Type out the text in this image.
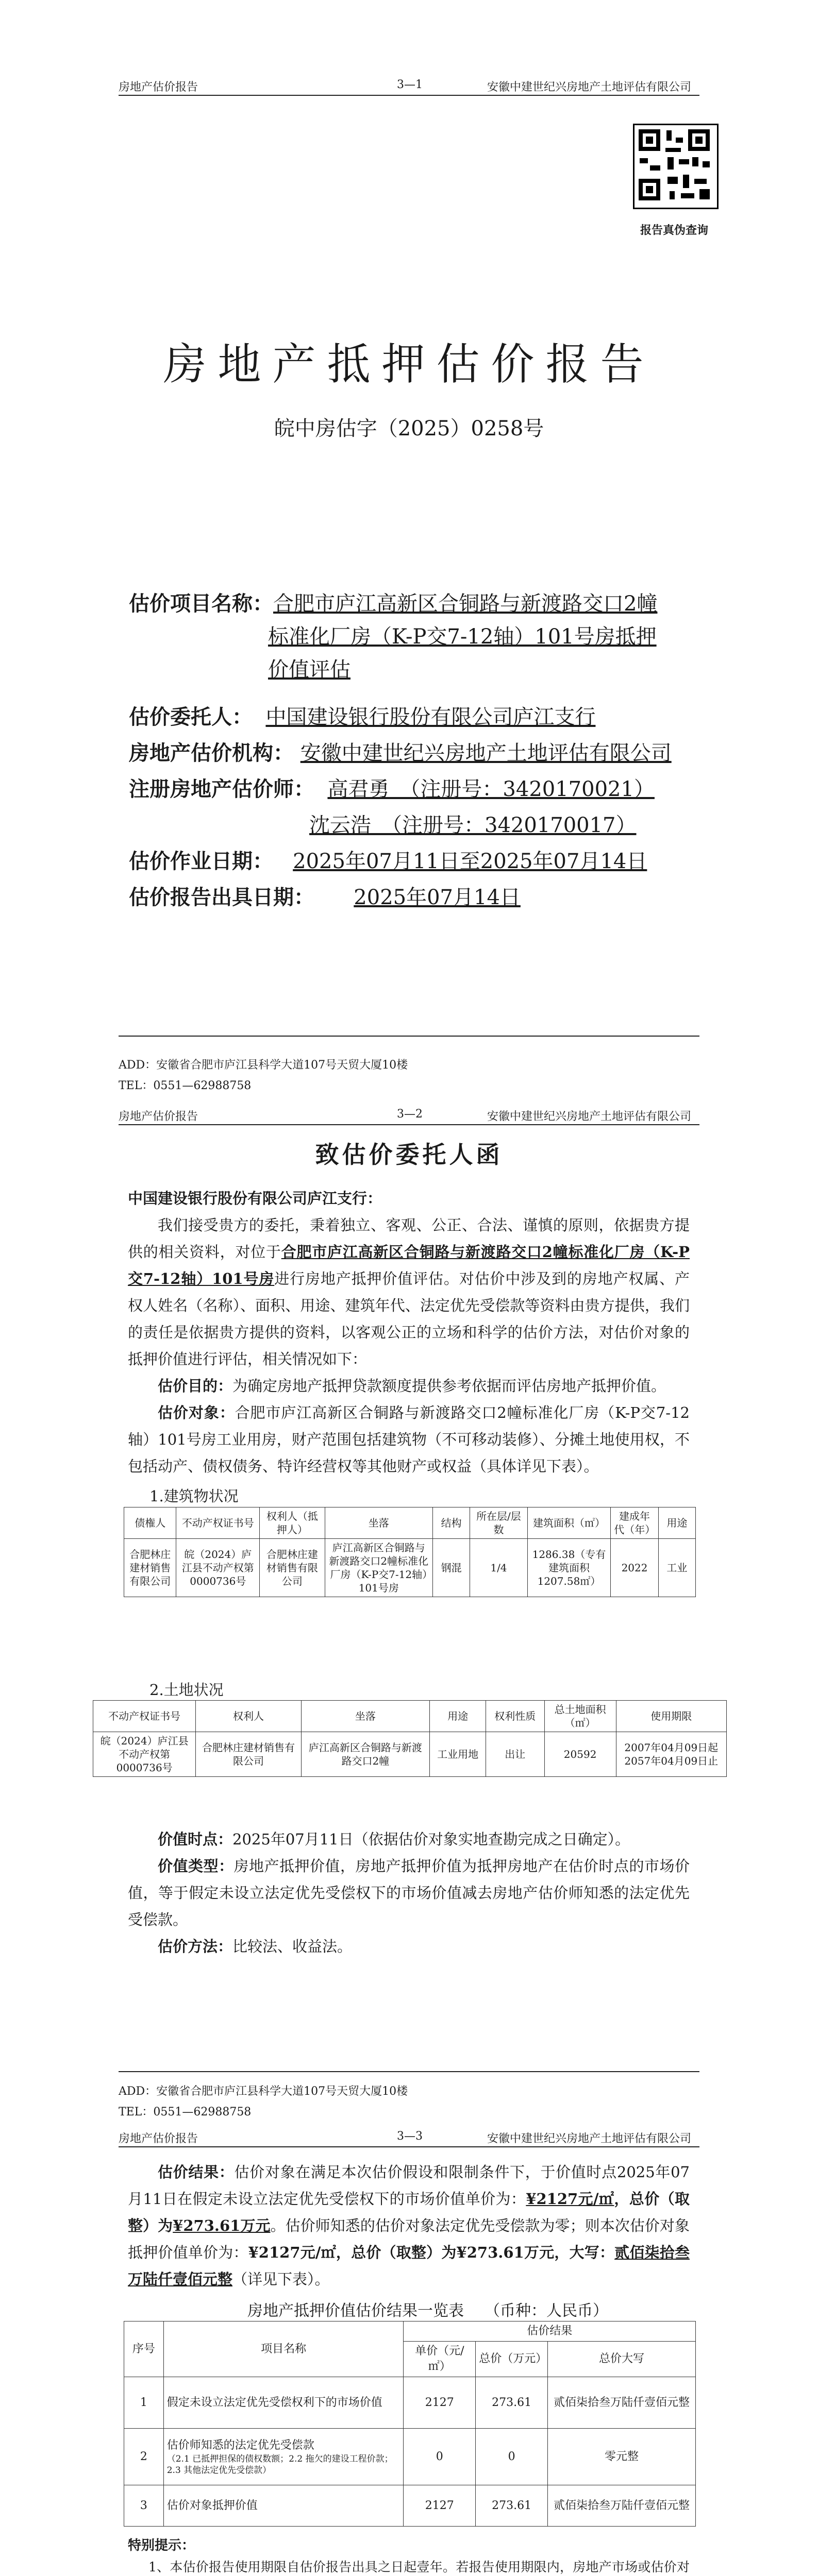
房地产估价报告	3—1	安徽中建世纪兴房地产土地评估有限公司
报告真伪查询
房地产抵押估价报告
皖中房估字（2025）0258号
估价项目名称：合肥市庐江高新区合铜路与新渡路交口2幢
标准化厂房（K-P交7-12轴）101号房抵押
价值评估
估价委托人： 中国建设银行股份有限公司庐江支行
房地产估价机构： 安徽中建世纪兴房地产土地评估有限公司
注册房地产估价师： 高君勇　（注册号：3420170021）
沈云浩　（注册号：3420170017）
估价作业日期： 2025年07月11日至2025年07月14日
估价报告出具日期： 2025年07月14日
ADD：安徽省合肥市庐江县科学大道107号天贸大厦10楼
TEL：0551—62988758
房地产估价报告	3—2	安徽中建世纪兴房地产土地评估有限公司
致估价委托人函
中国建设银行股份有限公司庐江支行：
我们接受贵方的委托，秉着独立、客观、公正、合法、谨慎的原则，依据贵方提供的相关资料，对位于合肥市庐江高新区合铜路与新渡路交口2幢标准化厂房（K-P交7-12轴）101号房进行房地产抵押价值评估。对估价中涉及到的房地产权属、产权人姓名（名称）、面积、用途、建筑年代、法定优先受偿款等资料由贵方提供，我们的责任是依据贵方提供的资料，以客观公正的立场和科学的估价方法，对估价对象的抵押价值进行评估，相关情况如下：
估价目的：为确定房地产抵押贷款额度提供参考依据而评估房地产抵押价值。
估价对象：合肥市庐江高新区合铜路与新渡路交口2幢标准化厂房（K-P交7-12轴）101号房工业用房，财产范围包括建筑物（不可移动装修）、分摊土地使用权，不包括动产、债权债务、特许经营权等其他财产或权益（具体详见下表）。
1.建筑物状况
债権人	不动产权证书号	权利人（抵押人）	坐落	结构	所在层/层数	建筑面积（㎡）	建成年代（年）	用途
合肥林庄建材销售有限公司	皖（2024）庐江县不动产权第0000736号	合肥林庄建材销售有限公司	庐江高新区合铜路与新渡路交口2幢标准化厂房（K-P交7-12轴）101号房	钢混	1/4	1286.38（专有建筑面积1207.58㎡）	2022	工业
2.土地状况
不动产权证书号	权利人	坐落	用途	权利性质	总土地面积（㎡）	使用期限
皖（2024）庐江县不动产权第0000736号	合肥林庄建材销售有限公司	庐江高新区合铜路与新渡路交口2幢	工业用地	出让	20592	2007年04月09日起2057年04月09日止
价值时点：2025年07月11日（依据估价对象实地查勘完成之日确定）。
价值类型：房地产抵押价值，房地产抵押价值为抵押房地产在估价时点的市场价值，等于假定未设立法定优先受偿权下的市场价值减去房地产估价师知悉的法定优先受偿款。
估价方法：比较法、收益法。
ADD：安徽省合肥市庐江县科学大道107号天贸大厦10楼
TEL：0551—62988758
房地产估价报告	3—3	安徽中建世纪兴房地产土地评估有限公司
估价结果：估价对象在满足本次估价假设和限制条件下，于价值时点2025年07月11日在假定未设立法定优先受偿权下的市场价值单价为：¥2127元/㎡，总价（取整）为¥273.61万元。估价师知悉的估价对象法定优先受偿款为零；则本次估价对象抵押价值单价为：¥2127元/㎡，总价（取整）为¥273.61万元，大写：贰佰柒拾叁万陆仟壹佰元整（详见下表）。
房地产抵押价值估价结果一览表 （币种：人民币）
序号	项目名称	估价结果		
		单价（元/㎡）	总价（万元）	总价大写
1	假定未设立法定优先受偿权利下的市场价值	2127	273.61	贰佰柒拾叁万陆仟壹佰元整
2	估价师知悉的法定优先受偿款
（2.1 已抵押担保的债权数额；2.2 拖欠的建设工程价款；2.3 其他法定优先受偿款）	0	0	零元整
3	估价对象抵押价值	2127	273.61	贰佰柒拾叁万陆仟壹佰元整
特别提示：
1、本估价报告使用期限自估价报告出具之日起壹年。若报告使用期限内，房地产市场或估价对
